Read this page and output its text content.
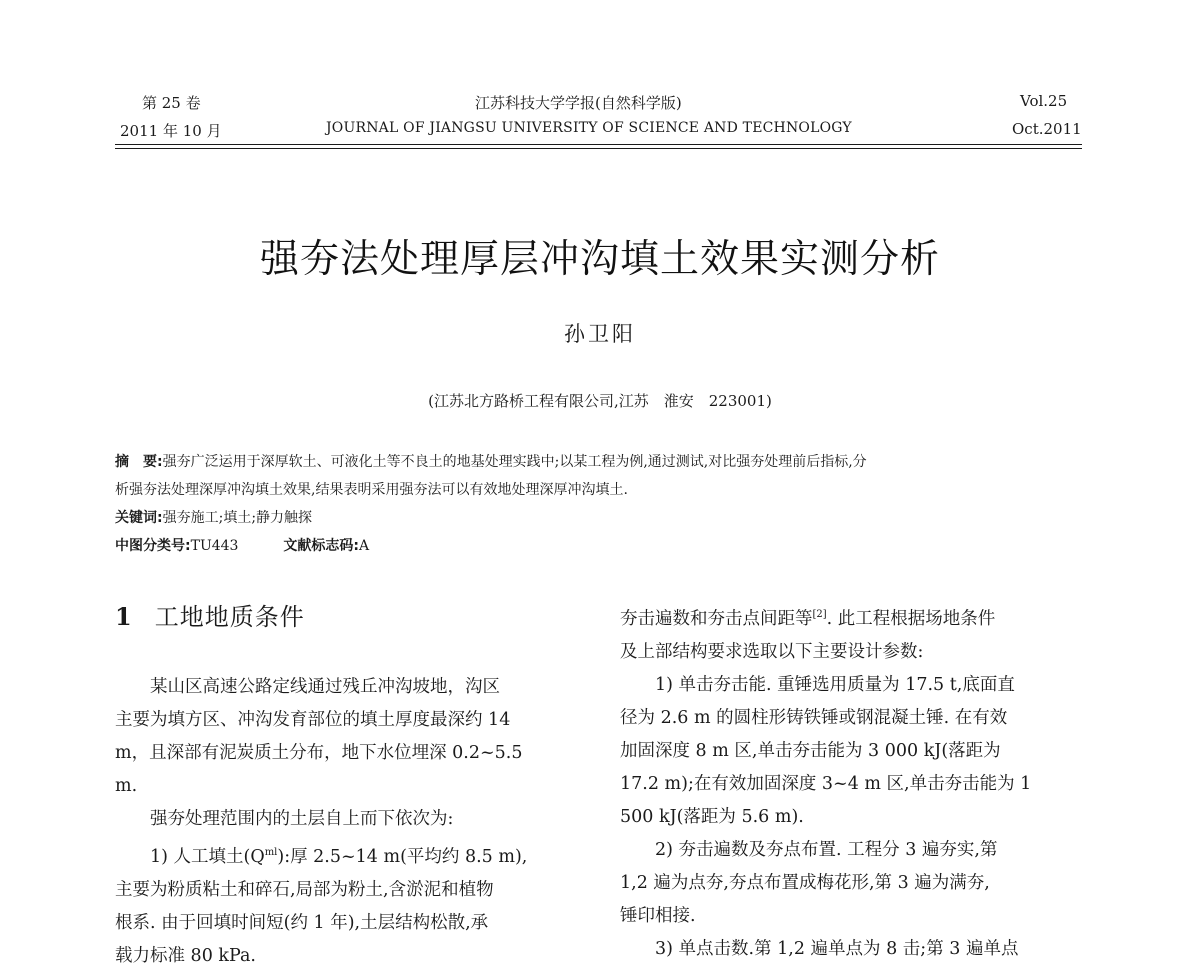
第 25 卷
2011 年 10 月
江苏科技大学学报(自然科学版)
JOURNAL OF JIANGSU UNIVERSITY OF SCIENCE AND TECHNOLOGY
Vol.25
Oct.2011
强夯法处理厚层冲沟填土效果实测分析
孙卫阳
(江苏北方路桥工程有限公司,江苏　淮安　223001)
摘　要:强夯广泛运用于深厚软土、可液化土等不良土的地基处理实践中;以某工程为例,通过测试,对比强夯处理前后指标,分
析强夯法处理深厚冲沟填土效果,结果表明采用强夯法可以有效地处理深厚冲沟填土.
关键词:强夯施工;填土;静力触探
中图分类号:TU443	文献标志码:A
1 工地地质条件
某山区高速公路定线通过残丘冲沟坡地，沟区
主要为填方区、冲沟发育部位的填土厚度最深约 14
m，且深部有泥炭质土分布，地下水位埋深 0.2~5.5
m.
强夯处理范围内的土层自上而下依次为:
1) 人工填土$(Q^{ml})$:厚 2.5~14 m(平均约 8.5 m),
主要为粉质粘土和碎石,局部为粉土,含淤泥和植物
根系. 由于回填时间短(约 1 年),土层结构松散,承
载力标准 80 kPa.
夯击遍数和夯击点间距等[2]. 此工程根据场地条件
及上部结构要求选取以下主要设计参数:
1) 单击夯击能. 重锤选用质量为 17.5 t,底面直
径为 2.6 m 的圆柱形铸铁锤或钢混凝土锤. 在有效
加固深度 8 m 区,单击夯击能为 3 000 kJ(落距为
17.2 m);在有效加固深度 3~4 m 区,单击夯击能为 1
500 kJ(落距为 5.6 m).
2) 夯击遍数及夯点布置. 工程分 3 遍夯实,第
1,2 遍为点夯,夯点布置成梅花形,第 3 遍为满夯,
锤印相接.
3) 单点击数.第 1,2 遍单点为 8 击;第 3 遍单点
